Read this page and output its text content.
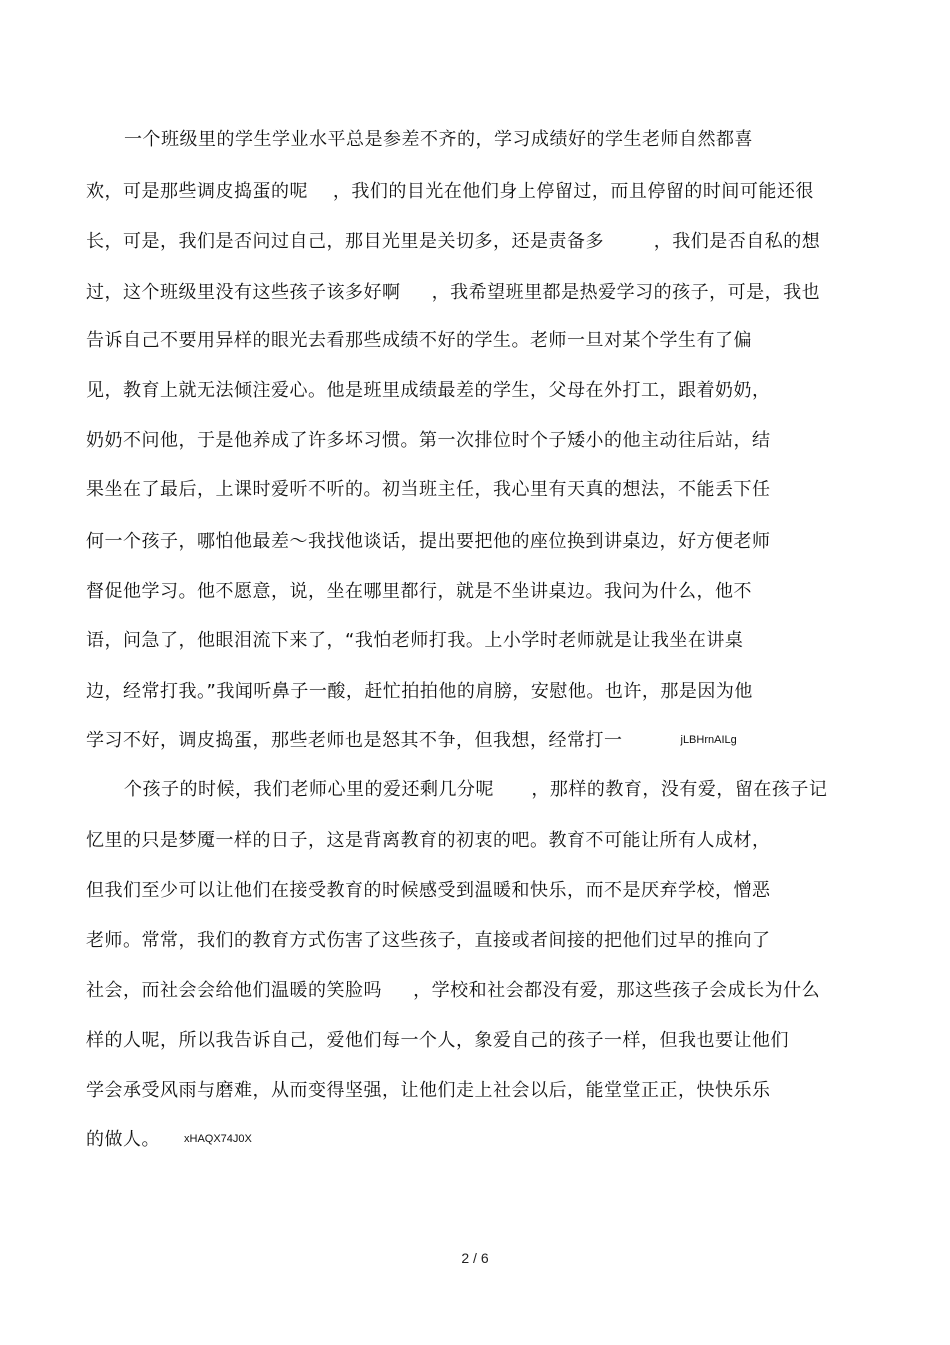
一个班级里的学生学业水平总是参差不齐的，学习成绩好的学生老师自然都喜
欢，可是那些调皮捣蛋的呢    ，我们的目光在他们身上停留过，而且停留的时间可能还很
长，可是，我们是否问过自己，那目光里是关切多，还是责备多        ，我们是否自私的想
过，这个班级里没有这些孩子该多好啊     ，我希望班里都是热爱学习的孩子，可是，我也
告诉自己不要用异样的眼光去看那些成绩不好的学生。老师一旦对某个学生有了偏
见，教育上就无法倾注爱心。他是班里成绩最差的学生，父母在外打工，跟着奶奶，
奶奶不问他，于是他养成了许多坏习惯。第一次排位时个子矮小的他主动往后站，结
果坐在了最后，上课时爱听不听的。初当班主任，我心里有天真的想法，不能丢下任
何一个孩子，哪怕他最差～我找他谈话，提出要把他的座位换到讲桌边，好方便老师
督促他学习。他不愿意，说，坐在哪里都行，就是不坐讲桌边。我问为什么，他不
语，问急了，他眼泪流下来了，“我怕老师打我。上小学时老师就是让我坐在讲桌
边，经常打我。”我闻听鼻子一酸，赶忙拍拍他的肩膀，安慰他。也许，那是因为他
学习不好，调皮捣蛋，那些老师也是怒其不争，但我想，经常打一	jLBHrnAILg
个孩子的时候，我们老师心里的爱还剩几分呢      ，那样的教育，没有爱，留在孩子记
忆里的只是梦魇一样的日子，这是背离教育的初衷的吧。教育不可能让所有人成材，
但我们至少可以让他们在接受教育的时候感受到温暖和快乐，而不是厌弃学校，憎恶
老师。常常，我们的教育方式伤害了这些孩子，直接或者间接的把他们过早的推向了
社会，而社会会给他们温暖的笑脸吗     ，学校和社会都没有爱，那这些孩子会成长为什么
样的人呢，所以我告诉自己，爱他们每一个人，象爱自己的孩子一样，但我也要让他们
学会承受风雨与磨难，从而变得坚强，让他们走上社会以后，能堂堂正正，快快乐乐
的做人。 xHAQX74J0X
2 / 6
